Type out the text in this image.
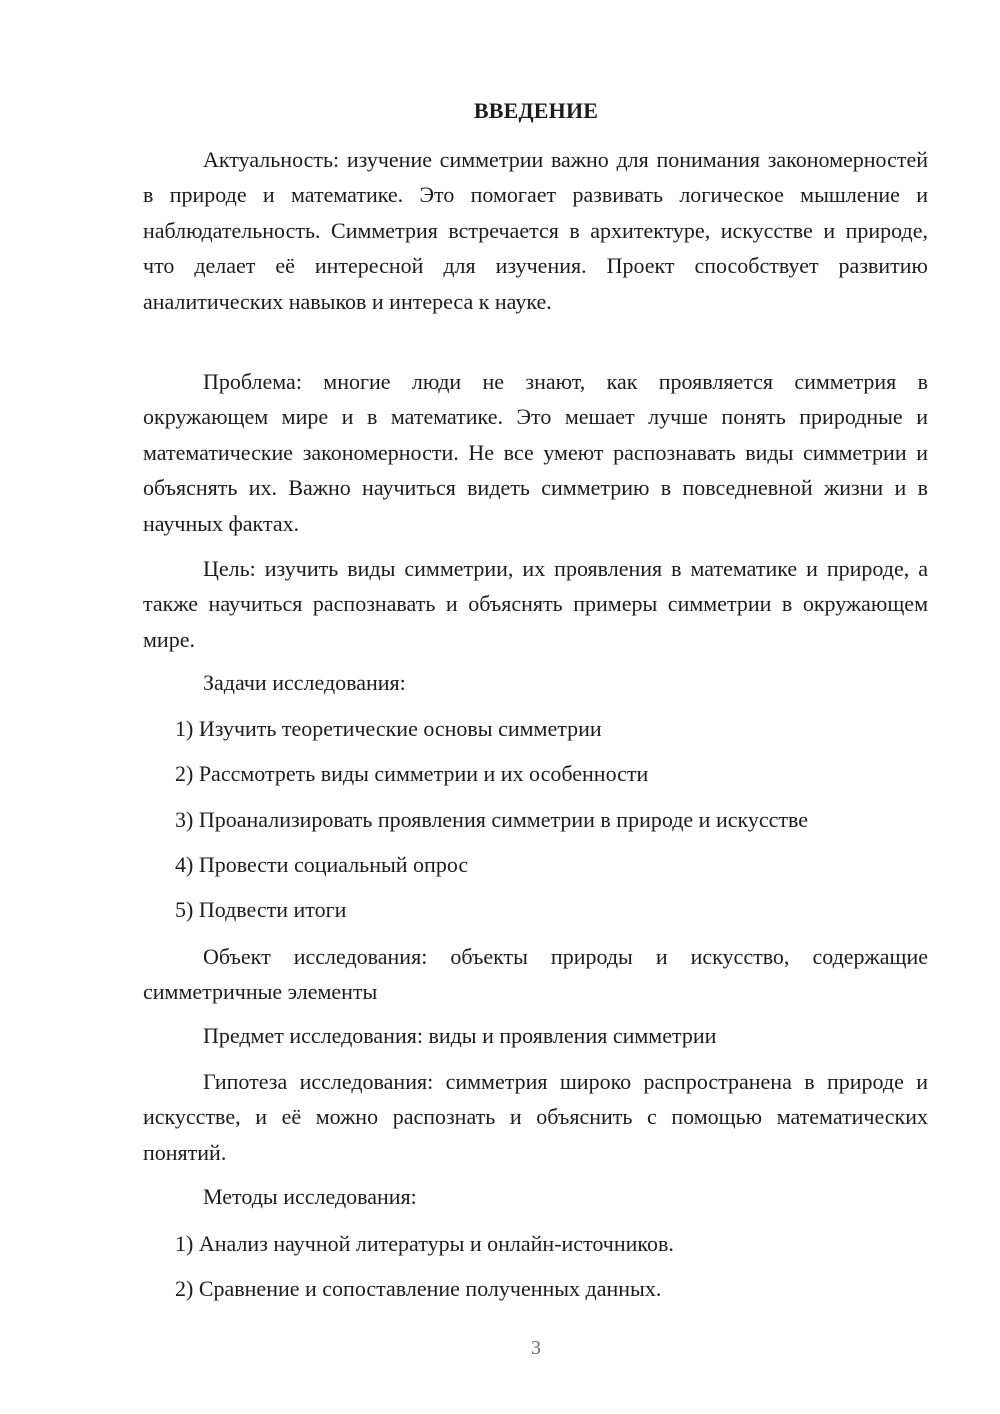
ВВЕДЕНИЕ

Актуальность: изучение симметрии важно для понимания закономерностей в природе и математике. Это помогает развивать логическое мышление и наблюдательность. Симметрия встречается в архитектуре, искусстве и природе, что делает её интересной для изучения. Проект способствует развитию аналитических навыков и интереса к науке.

Проблема: многие люди не знают, как проявляется симметрия в окружающем мире и в математике. Это мешает лучше понять природные и математические закономерности. Не все умеют распознавать виды симметрии и объяснять их. Важно научиться видеть симметрию в повседневной жизни и в научных фактах.

Цель: изучить виды симметрии, их проявления в математике и природе, а также научиться распознавать и объяснять примеры симметрии в окружающем мире.

Задачи исследования:

1) Изучить теоретические основы симметрии

2) Рассмотреть виды симметрии и их особенности

3) Проанализировать проявления симметрии в природе и искусстве

4) Провести социальный опрос

5) Подвести итоги

Объект исследования: объекты природы и искусство, содержащие симметричные элементы

Предмет исследования: виды и проявления симметрии

Гипотеза исследования: симметрия широко распространена в природе и искусстве, и её можно распознать и объяснить с помощью математических понятий.

Методы исследования:

1) Анализ научной литературы и онлайн-источников.

2) Сравнение и сопоставление полученных данных.

3
